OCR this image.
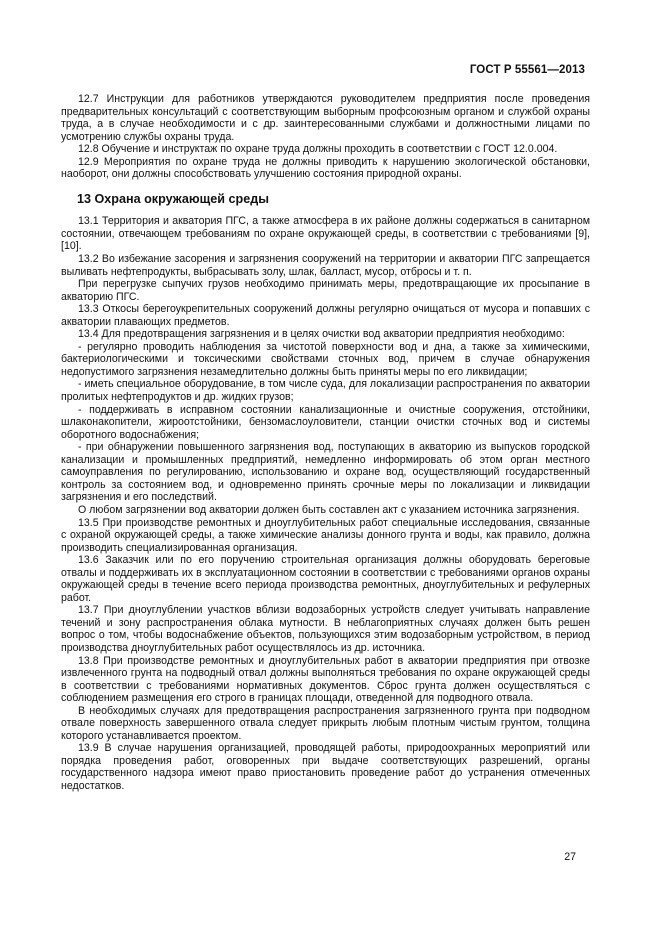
ГОСТ Р 55561—2013

12.7 Инструкции для работников утверждаются руководителем предприятия после проведения предварительных консультаций с соответствующим выборным профсоюзным органом и службой охраны труда, а в случае необходимости и с др. заинтересованными службами и должностными лицами по усмотрению службы охраны труда.

12.8 Обучение и инструктаж по охране труда должны проходить в соответствии с ГОСТ 12.0.004.

12.9 Мероприятия по охране труда не должны приводить к нарушению экологической обстановки, наоборот, они должны способствовать улучшению состояния природной охраны.

13 Охрана окружающей среды

13.1 Территория и акватория ПГС, а также атмосфера в их районе должны содержаться в санитарном состоянии, отвечающем требованиям по охране окружающей среды, в соответствии с требованиями [9], [10].

13.2 Во избежание засорения и загрязнения сооружений на территории и акватории ПГС запрещается выливать нефтепродукты, выбрасывать золу, шлак, балласт, мусор, отбросы и т. п.

При перегрузке сыпучих грузов необходимо принимать меры, предотвращающие их просыпание в акваторию ПГС.

13.3 Откосы берегоукрепительных сооружений должны регулярно очищаться от мусора и попавших с акватории плавающих предметов.

13.4 Для предотвращения загрязнения и в целях очистки вод акватории предприятия необходимо:

- регулярно проводить наблюдения за чистотой поверхности вод и дна, а также за химическими, бактериологическими и токсическими свойствами сточных вод, причем в случае обнаружения недопустимого загрязнения незамедлительно должны быть приняты меры по его ликвидации;

- иметь специальное оборудование, в том числе суда, для локализации распространения по акватории пролитых нефтепродуктов и др. жидких грузов;

- поддерживать в исправном состоянии канализационные и очистные сооружения, отстойники, шлаконакопители, жироотстойники, бензомаслоуловители, станции очистки сточных вод и системы оборотного водоснабжения;

- при обнаружении повышенного загрязнения вод, поступающих в акваторию из выпусков городской канализации и промышленных предприятий, немедленно информировать об этом орган местного самоуправления по регулированию, использованию и охране вод, осуществляющий государственный контроль за состоянием вод, и одновременно принять срочные меры по локализации и ликвидации загрязнения и его последствий.

О любом загрязнении вод акватории должен быть составлен акт с указанием источника загрязнения.

13.5 При производстве ремонтных и дноуглубительных работ специальные исследования, связанные с охраной окружающей среды, а также химические анализы донного грунта и воды, как правило, должна производить специализированная организация.

13.6 Заказчик или по его поручению строительная организация должны оборудовать береговые отвалы и поддерживать их в эксплуатационном состоянии в соответствии с требованиями органов охраны окружающей среды в течение всего периода производства ремонтных, дноуглубительных и рефулерных работ.

13.7 При дноуглублении участков вблизи водозаборных устройств следует учитывать направление течений и зону распространения облака мутности. В неблагоприятных случаях должен быть решен вопрос о том, чтобы водоснабжение объектов, пользующихся этим водозаборным устройством, в период производства дноуглубительных работ осуществлялось из др. источника.

13.8 При производстве ремонтных и дноуглубительных работ в акватории предприятия при отвозке извлеченного грунта на подводный отвал должны выполняться требования по охране окружающей среды в соответствии с требованиями нормативных документов. Сброс грунта должен осуществляться с соблюдением размещения его строго в границах площади, отведенной для подводного отвала.

В необходимых случаях для предотвращения распространения загрязненного грунта при подводном отвале поверхность завершенного отвала следует прикрыть любым плотным чистым грунтом, толщина которого устанавливается проектом.

13.9 В случае нарушения организацией, проводящей работы, природоохранных мероприятий или порядка проведения работ, оговоренных при выдаче соответствующих разрешений, органы государственного надзора имеют право приостановить проведение работ до устранения отмеченных недостатков.

27
